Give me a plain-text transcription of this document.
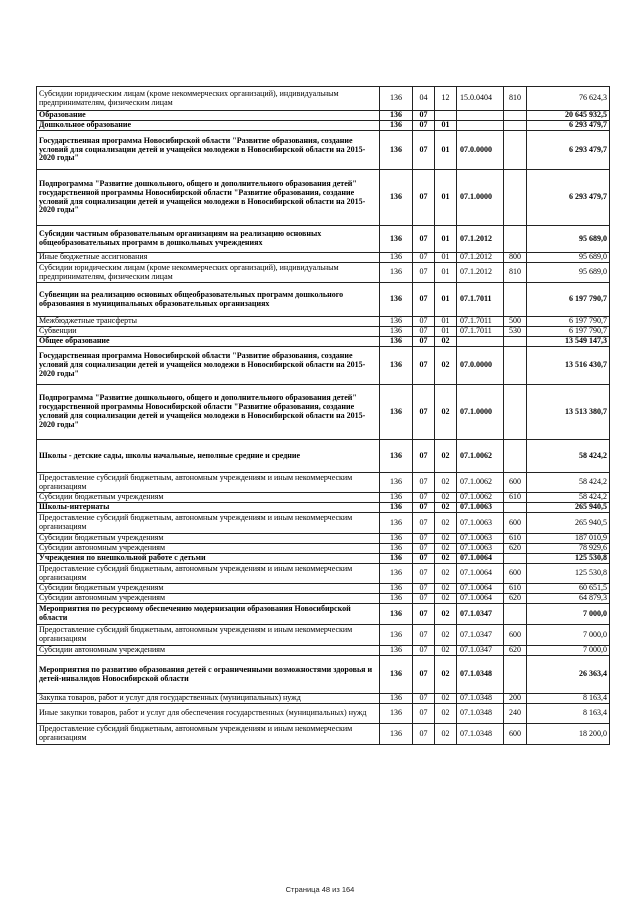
Субсидии юридическим лицам (кроме некоммерческих организаций), индивидуальным предпринимателям, физическим лицам	136	04	12	15.0.0404	810	76 624,3
Образование	136	07				20 645 932,5
Дошкольное образование	136	07	01			6 293 479,7
Государственная программа Новосибирской области "Развитие образования, создание условий для социализации детей и учащейся молодежи в Новосибирской области на 2015-2020 годы"	136	07	01	07.0.0000		6 293 479,7
Подпрограмма "Развитие дошкольного, общего и дополнительного образования детей" государственной программы Новосибирской области "Развитие образования, создание условий для социализации детей и учащейся молодежи в Новосибирской области на 2015-2020 годы"	136	07	01	07.1.0000		6 293 479,7
Субсидии частным образовательным организациям на реализацию основных общеобразовательных программ в дошкольных учреждениях	136	07	01	07.1.2012		95 689,0
Иные бюджетные ассигнования	136	07	01	07.1.2012	800	95 689,0
Субсидии юридическим лицам (кроме некоммерческих организаций), индивидуальным предпринимателям, физическим лицам	136	07	01	07.1.2012	810	95 689,0
Субвенции на реализацию основных общеобразовательных программ дошкольного образования в муниципальных образовательных организациях	136	07	01	07.1.7011		6 197 790,7
Межбюджетные трансферты	136	07	01	07.1.7011	500	6 197 790,7
Субвенции	136	07	01	07.1.7011	530	6 197 790,7
Общее образование	136	07	02			13 549 147,3
Государственная программа Новосибирской области "Развитие образования, создание условий для социализации детей и учащейся молодежи в Новосибирской области на 2015-2020 годы"	136	07	02	07.0.0000		13 516 430,7
Подпрограмма "Развитие дошкольного, общего и дополнительного образования детей" государственной программы Новосибирской области "Развитие образования, создание условий для социализации детей и учащейся молодежи в Новосибирской области на 2015-2020 годы"	136	07	02	07.1.0000		13 513 380,7
Школы - детские сады, школы начальные, неполные средние и средние	136	07	02	07.1.0062		58 424,2
Предоставление субсидий бюджетным, автономным учреждениям и иным некоммерческим организациям	136	07	02	07.1.0062	600	58 424,2
Субсидии бюджетным учреждениям	136	07	02	07.1.0062	610	58 424,2
Школы-интернаты	136	07	02	07.1.0063		265 940,5
Предоставление субсидий бюджетным, автономным учреждениям и иным некоммерческим организациям	136	07	02	07.1.0063	600	265 940,5
Субсидии бюджетным учреждениям	136	07	02	07.1.0063	610	187 010,9
Субсидии автономным учреждениям	136	07	02	07.1.0063	620	78 929,6
Учреждения по внешкольной работе с детьми	136	07	02	07.1.0064		125 530,8
Предоставление субсидий бюджетным, автономным учреждениям и иным некоммерческим организациям	136	07	02	07.1.0064	600	125 530,8
Субсидии бюджетным учреждениям	136	07	02	07.1.0064	610	60 651,5
Субсидии автономным учреждениям	136	07	02	07.1.0064	620	64 879,3
Мероприятия по ресурсному обеспечению модернизации образования Новосибирской области	136	07	02	07.1.0347		7 000,0
Предоставление субсидий бюджетным, автономным учреждениям и иным некоммерческим организациям	136	07	02	07.1.0347	600	7 000,0
Субсидии автономным учреждениям	136	07	02	07.1.0347	620	7 000,0
Мероприятия по развитию образования детей с ограниченными возможностями здоровья и детей-инвалидов Новосибирской области	136	07	02	07.1.0348		26 363,4
Закупка товаров, работ и услуг для государственных (муниципальных) нужд	136	07	02	07.1.0348	200	8 163,4
Иные закупки товаров, работ и услуг для обеспечения государственных (муниципальных) нужд	136	07	02	07.1.0348	240	8 163,4
Предоставление субсидий бюджетным, автономным учреждениям и иным некоммерческим организациям	136	07	02	07.1.0348	600	18 200,0
Страница 48 из 164
